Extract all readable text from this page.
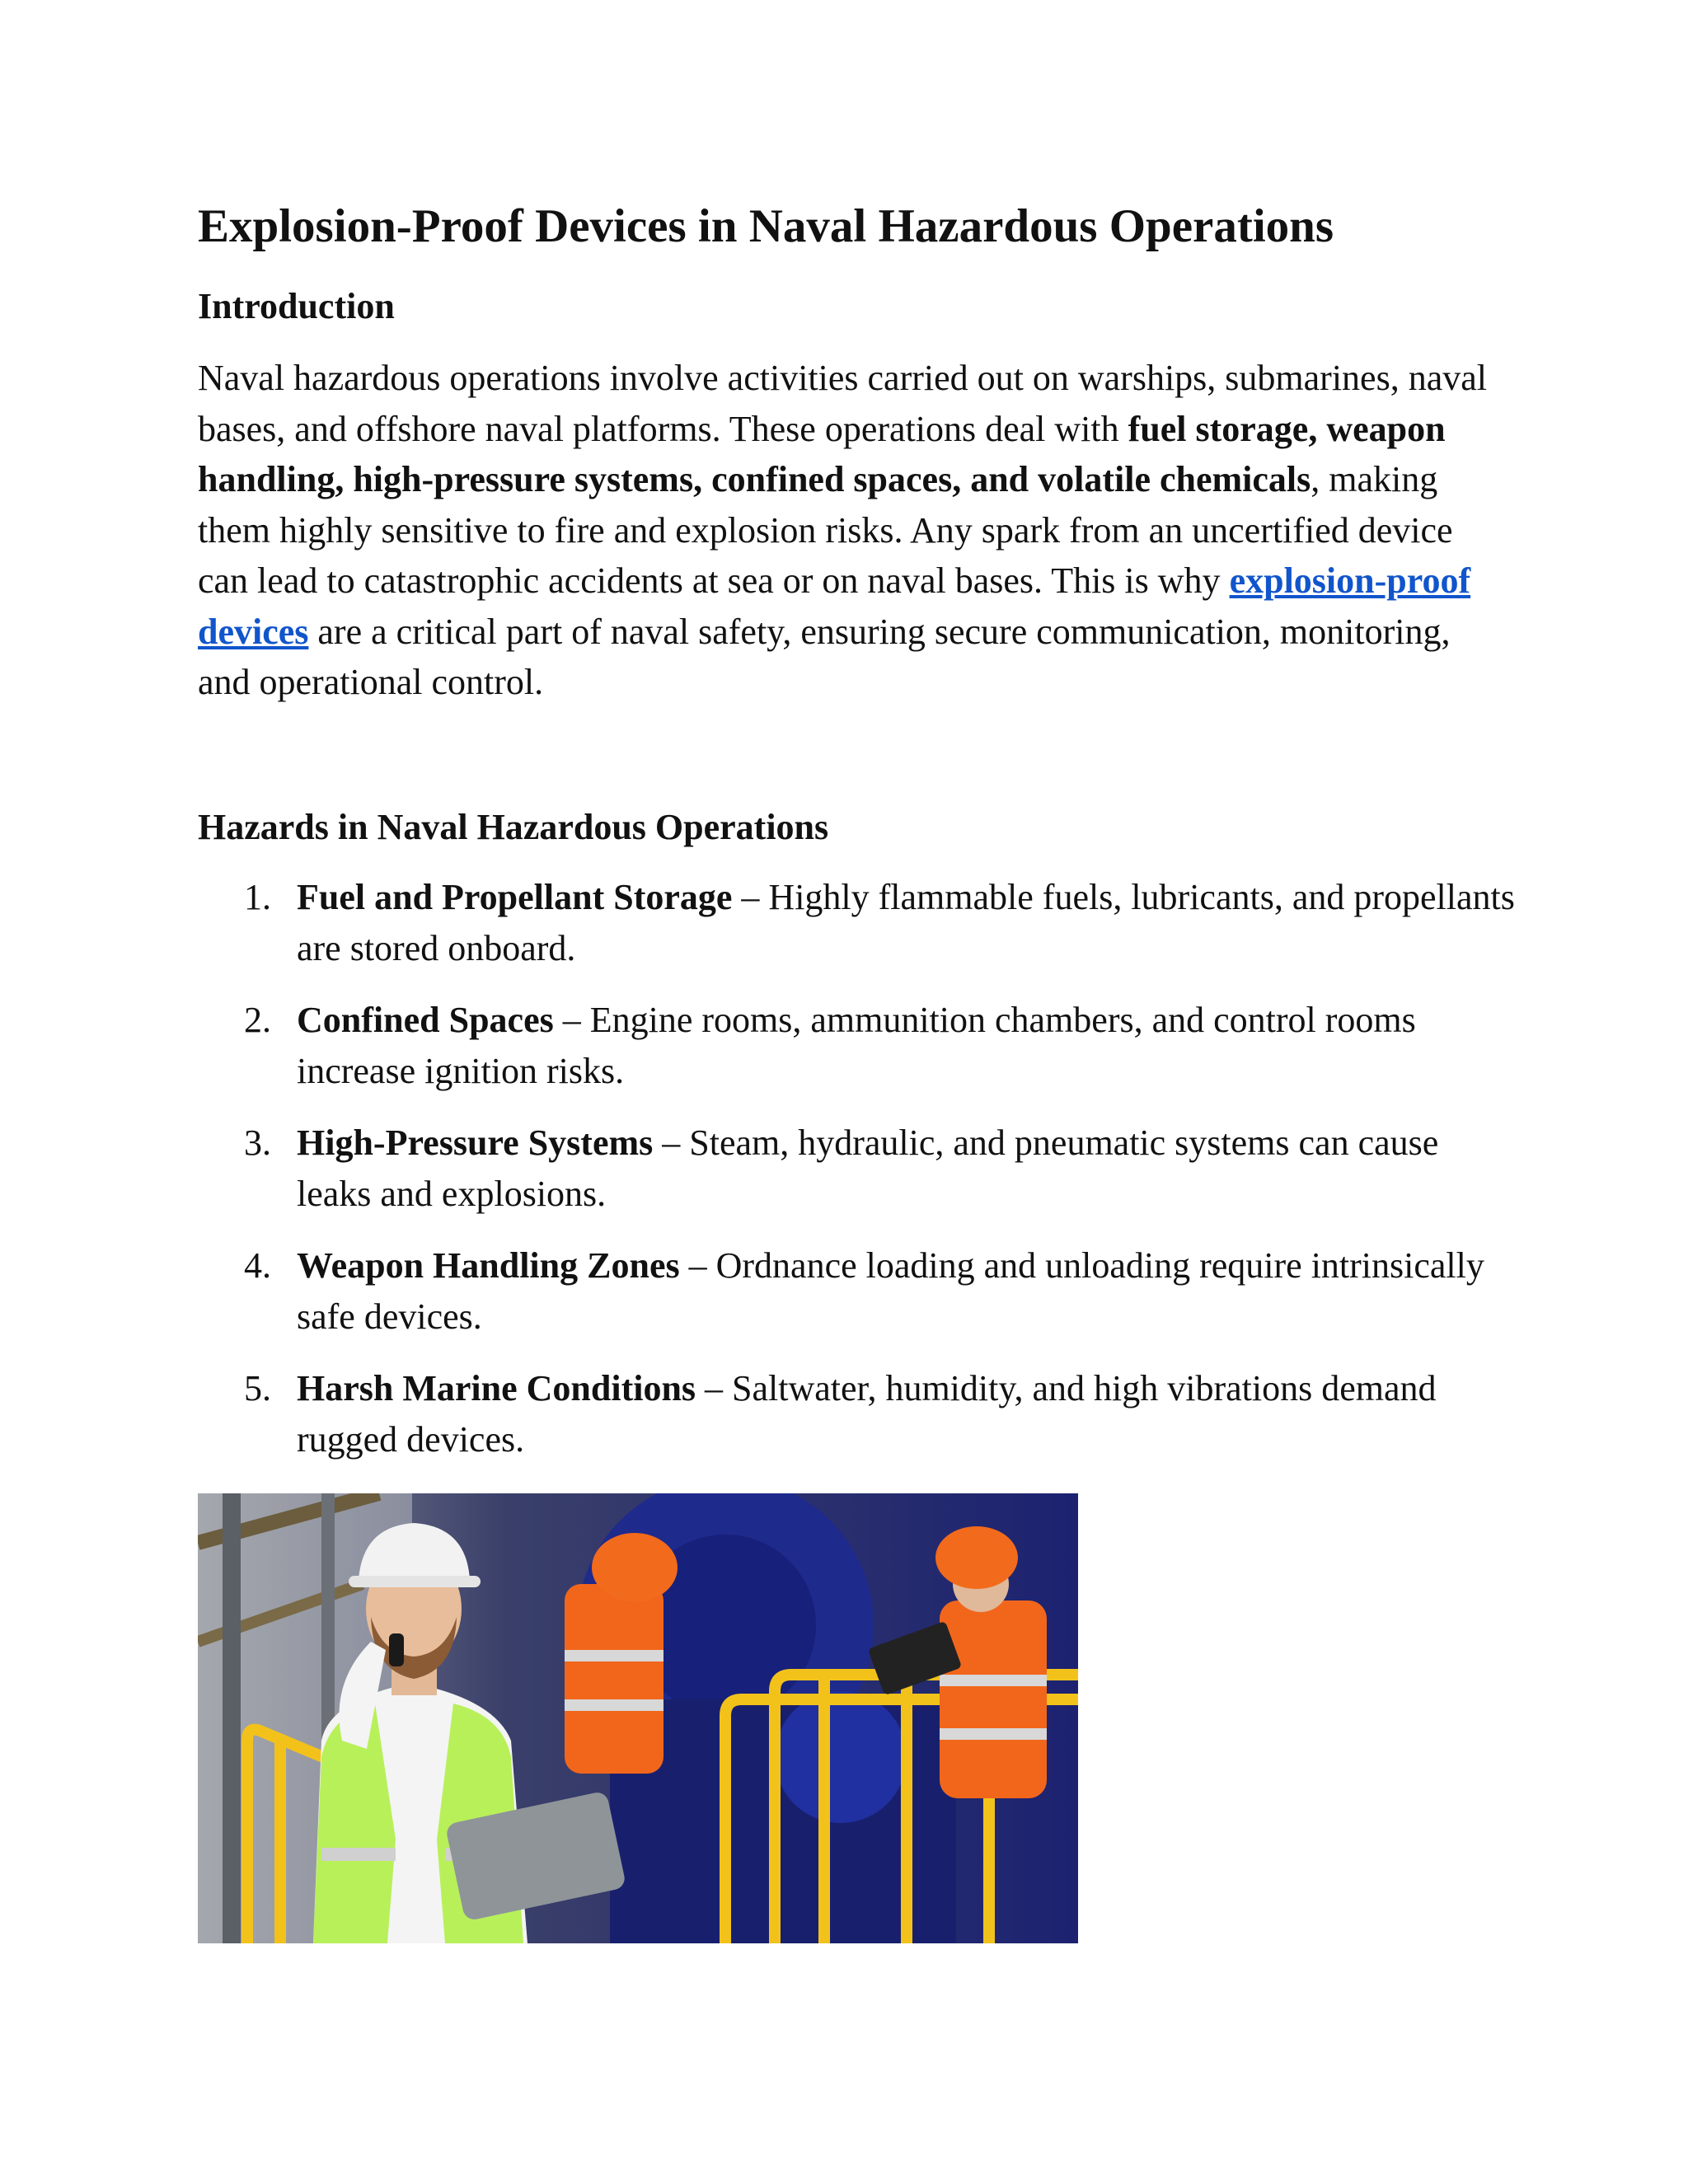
Explosion-Proof Devices in Naval Hazardous Operations
Introduction

Naval hazardous operations involve activities carried out on warships, submarines, naval bases, and offshore naval platforms. These operations deal with fuel storage, weapon handling, high-pressure systems, confined spaces, and volatile chemicals, making them highly sensitive to fire and explosion risks. Any spark from an uncertified device can lead to catastrophic accidents at sea or on naval bases. This is why explosion-proof devices are a critical part of naval safety, ensuring secure communication, monitoring, and operational control.

Hazards in Naval Hazardous Operations
1. Fuel and Propellant Storage – Highly flammable fuels, lubricants, and propellants are stored onboard.
2. Confined Spaces – Engine rooms, ammunition chambers, and control rooms increase ignition risks.
3. High-Pressure Systems – Steam, hydraulic, and pneumatic systems can cause leaks and explosions.
4. Weapon Handling Zones – Ordnance loading and unloading require intrinsically safe devices.
5. Harsh Marine Conditions – Saltwater, humidity, and high vibrations demand rugged devices.
